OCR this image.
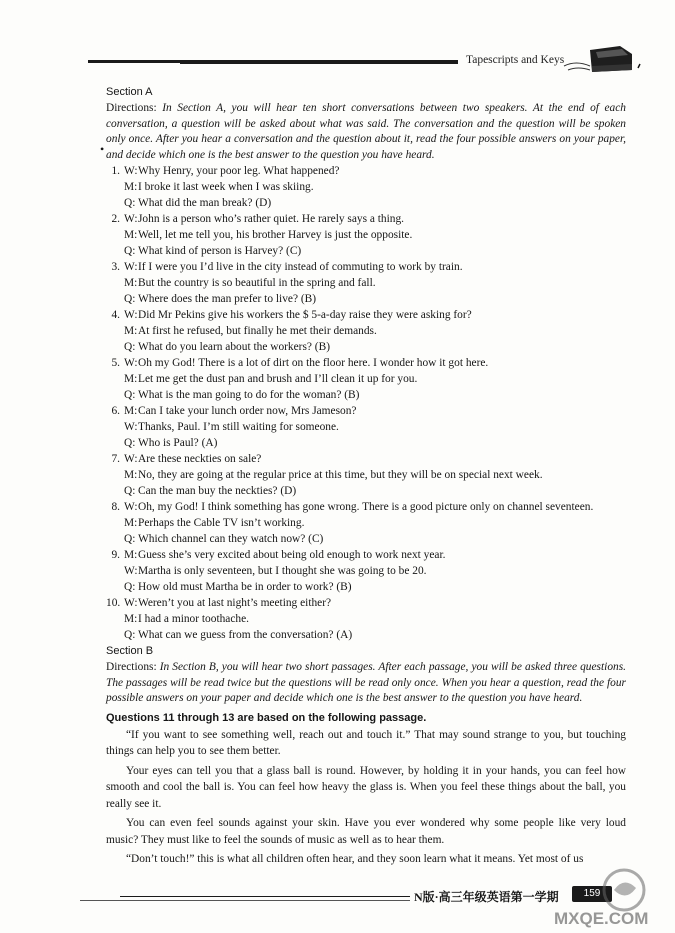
Tapescripts and Keys
•
Section A
Directions: In Section A, you will hear ten short conversations between two speakers. At the end of each conversation, a question will be asked about what was said. The conversation and the question will be spoken only once. After you hear a conversation and the question about it, read the four possible answers on your paper, and decide which one is the best answer to the question you have heard.
1. W: Why Henry, your poor leg. What happened?
M: I broke it last week when I was skiing.
Q: What did the man break? (D)
2. W: John is a person who’s rather quiet. He rarely says a thing.
M: Well, let me tell you, his brother Harvey is just the opposite.
Q: What kind of person is Harvey? (C)
3. W: If I were you I’d live in the city instead of commuting to work by train.
M: But the country is so beautiful in the spring and fall.
Q: Where does the man prefer to live? (B)
4. W: Did Mr Pekins give his workers the $ 5-a-day raise they were asking for?
M: At first he refused, but finally he met their demands.
Q: What do you learn about the workers? (B)
5. W: Oh my God! There is a lot of dirt on the floor here. I wonder how it got here.
M: Let me get the dust pan and brush and I’ll clean it up for you.
Q: What is the man going to do for the woman? (B)
6. M: Can I take your lunch order now, Mrs Jameson?
W: Thanks, Paul. I’m still waiting for someone.
Q: Who is Paul? (A)
7. W: Are these neckties on sale?
M: No, they are going at the regular price at this time, but they will be on special next week.
Q: Can the man buy the neckties? (D)
8. W: Oh, my God! I think something has gone wrong. There is a good picture only on channel seventeen.
M: Perhaps the Cable TV isn’t working.
Q: Which channel can they watch now? (C)
9. M: Guess she’s very excited about being old enough to work next year.
W: Martha is only seventeen, but I thought she was going to be 20.
Q: How old must Martha be in order to work? (B)
10. W: Weren’t you at last night’s meeting either?
M: I had a minor toothache.
Q: What can we guess from the conversation? (A)
Section B
Directions: In Section B, you will hear two short passages. After each passage, you will be asked three questions. The passages will be read twice but the questions will be read only once. When you hear a question, read the four possible answers on your paper and decide which one is the best answer to the question you have heard.
Questions 11 through 13 are based on the following passage.

“If you want to see something well, reach out and touch it.” That may sound strange to you, but touching things can help you to see them better.

Your eyes can tell you that a glass ball is round. However, by holding it in your hands, you can feel how smooth and cool the ball is. You can feel how heavy the glass is. When you feel these things about the ball, you really see it.

You can even feel sounds against your skin. Have you ever wondered why some people like very loud music? They must like to feel the sounds of music as well as to hear them.

“Don’t touch!” this is what all children often hear, and they soon learn what it means. Yet most of us

N版·高三年级英语第一学期	159
MXQE.COM
